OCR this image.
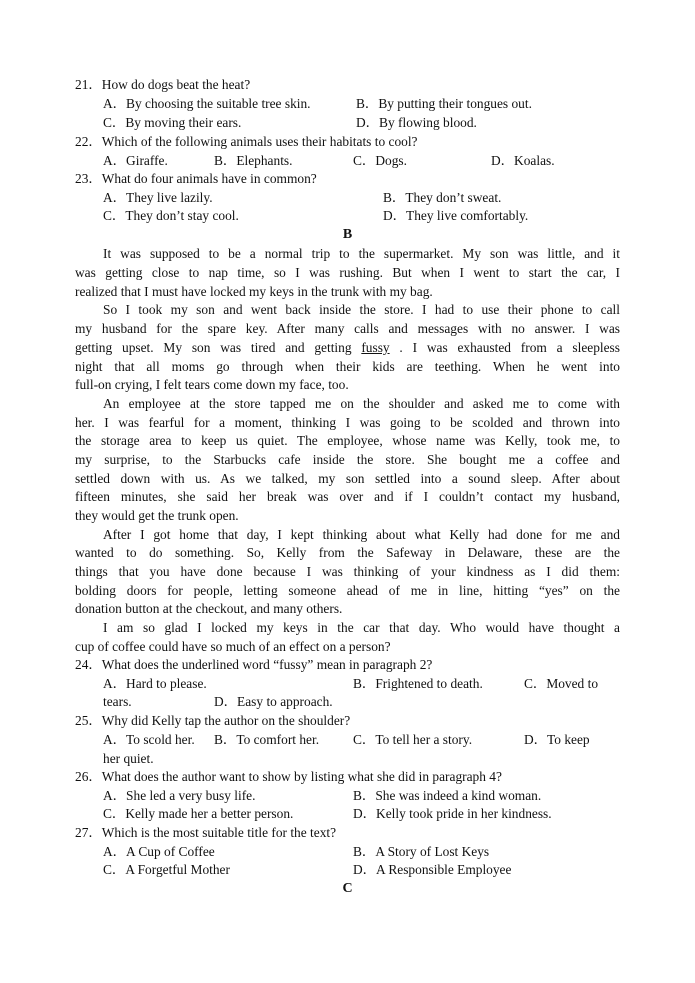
21．How do dogs beat the heat?
A．By choosing the suitable tree skin.	B．By putting their tongues out.
C．By moving their ears.	D．By flowing blood.
22．Which of the following animals uses their habitats to cool?
A．Giraffe.	B．Elephants.	C．Dogs.	D．Koalas.
23．What do four animals have in common?
A．They live lazily.	B．They don’t sweat.
C．They don’t stay cool.	D．They live comfortably.
B
It was supposed to be a normal trip to the supermarket. My son was little, and it
was getting close to nap time, so I was rushing. But when I went to start the car, I
realized that I must have locked my keys in the trunk with my bag.
So I took my son and went back inside the store. I had to use their phone to call
my husband for the spare key. After many calls and messages with no answer. I was
getting upset. My son was tired and getting fussy . I was exhausted from a sleepless
night that all moms go through when their kids are teething. When he went into
full-on crying, I felt tears come down my face, too.
An employee at the store tapped me on the shoulder and asked me to come with
her. I was fearful for a moment, thinking I was going to be scolded and thrown into
the storage area to keep us quiet. The employee, whose name was Kelly, took me, to
my surprise, to the Starbucks cafe inside the store. She bought me a coffee and
settled down with us. As we talked, my son settled into a sound sleep. After about
fifteen minutes, she said her break was over and if I couldn’t contact my husband,
they would get the trunk open.
After I got home that day, I kept thinking about what Kelly had done for me and
wanted to do something. So, Kelly from the Safeway in Delaware, these are the
things that you have done because I was thinking of your kindness as I did them:
bolding doors for people, letting someone ahead of me in line, hitting “yes” on the
donation button at the checkout, and many others.
I am so glad I locked my keys in the car that day. Who would have thought a
cup of coffee could have so much of an effect on a person?
24．What does the underlined word “fussy” mean in paragraph 2?
A．Hard to please.	B．Frightened to death.	C．Moved to
tears.	D．Easy to approach.
25．Why did Kelly tap the author on the shoulder?
A．To scold her. B．To comfort her.	C．To tell her a story.	D．To keep
her quiet.
26．What does the author want to show by listing what she did in paragraph 4?
A．She led a very busy life.	B．She was indeed a kind woman.
C．Kelly made her a better person.	D．Kelly took pride in her kindness.
27．Which is the most suitable title for the text?
A．A Cup of Coffee	B．A Story of Lost Keys
C．A Forgetful Mother	D．A Responsible Employee
C
